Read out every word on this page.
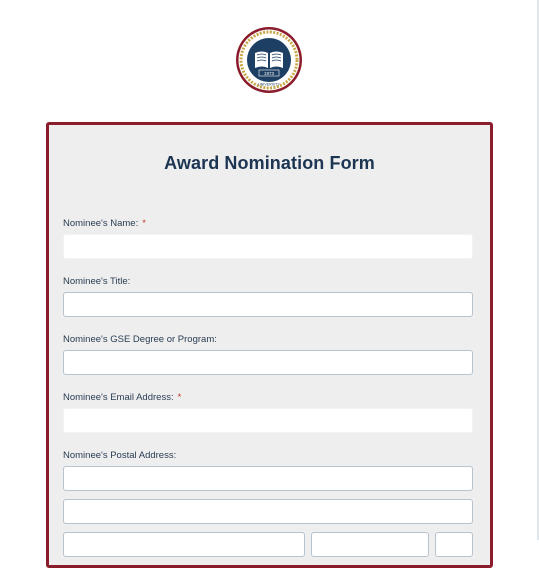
1973
LOGO
UNIVERSITY
Award Nomination Form
Nominee's Name: *
Nominee's Title:
Nominee's GSE Degree or Program:
Nominee's Email Address: *
Nominee's Postal Address:
